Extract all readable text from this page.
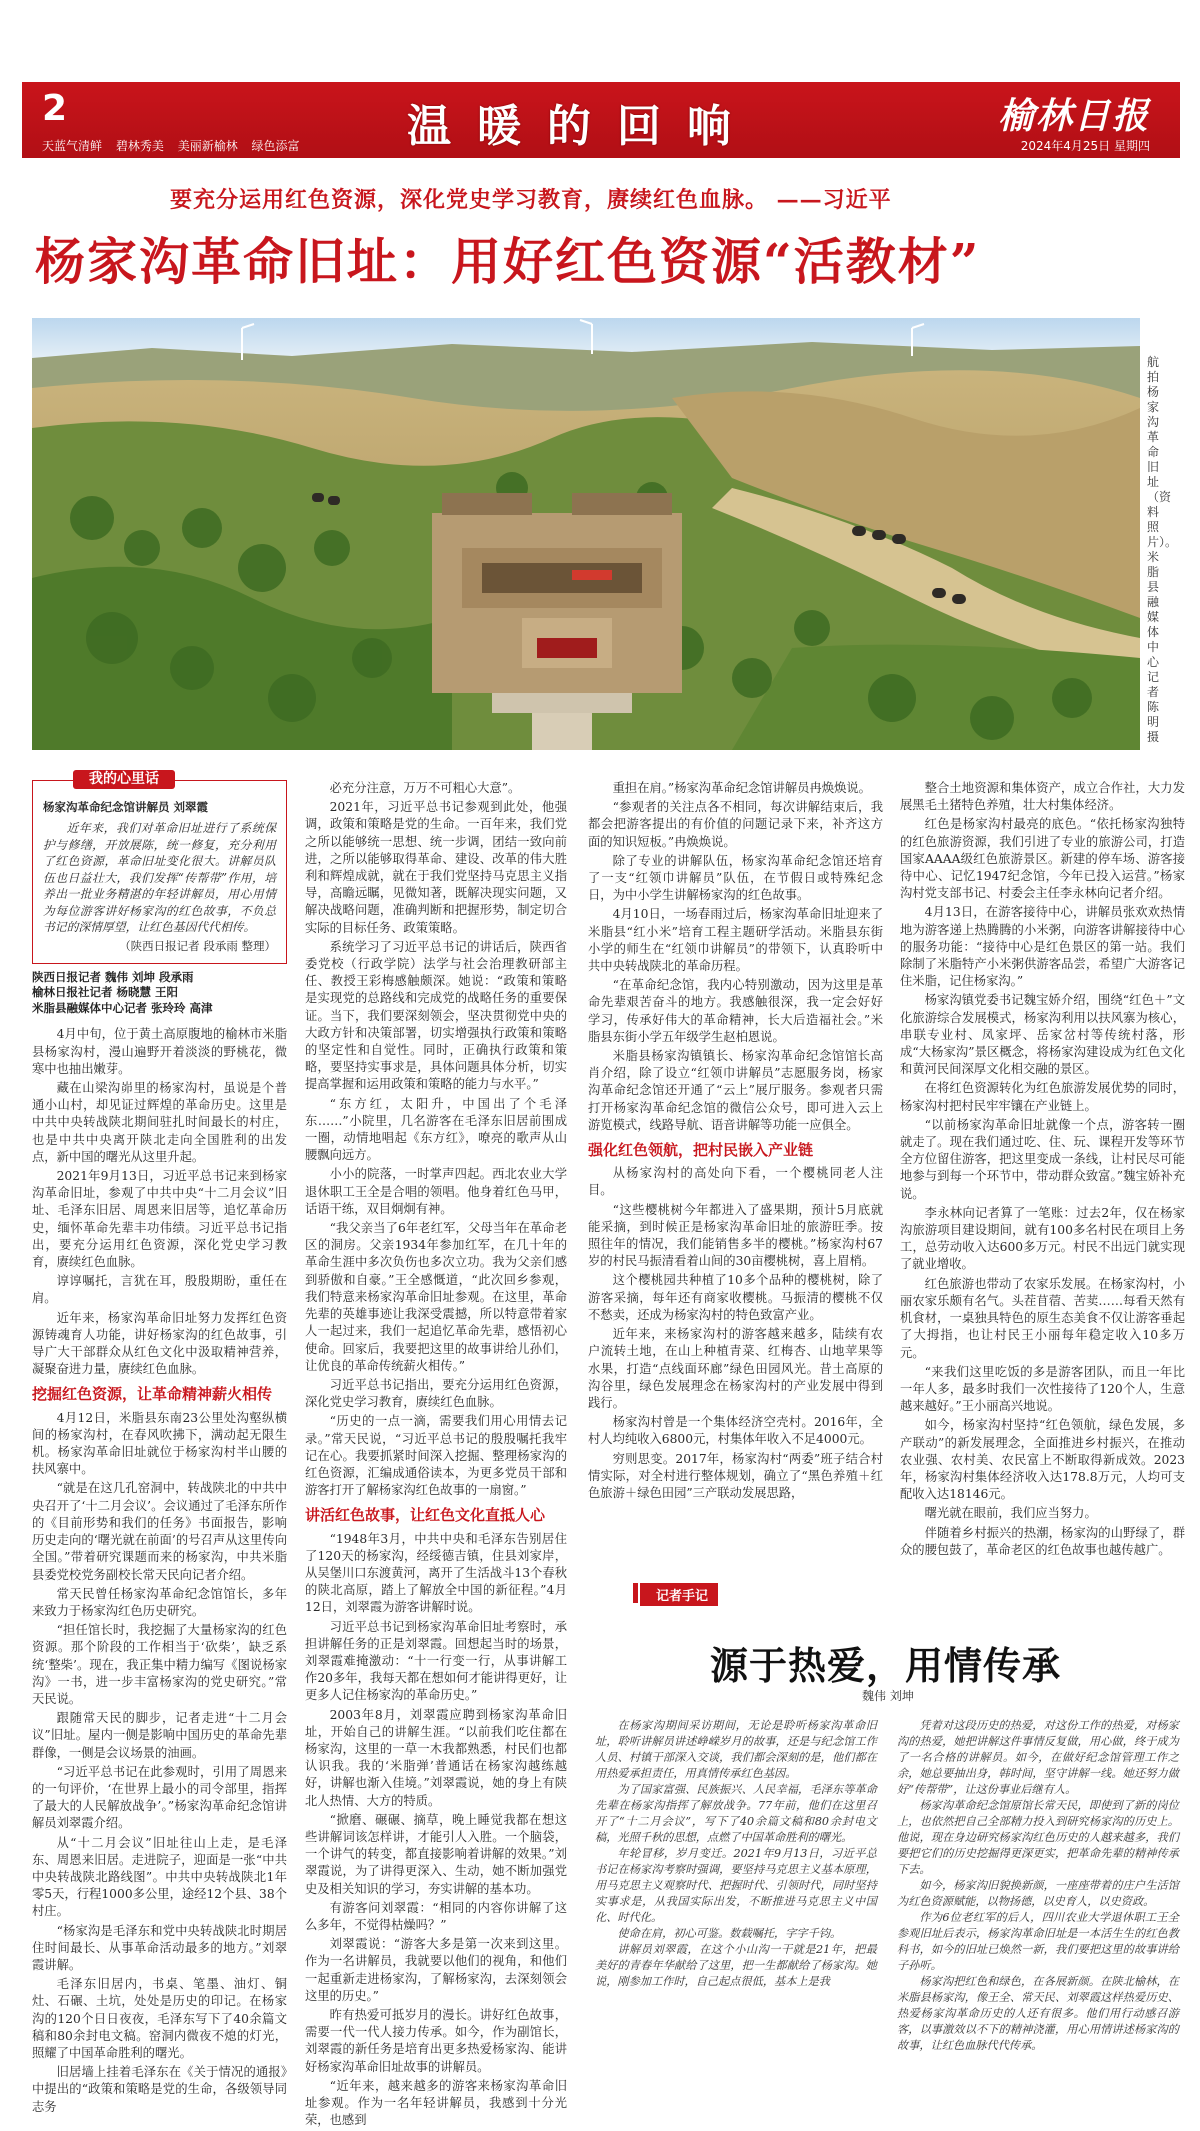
2	温暖的回响	榆林日报
天蓝气清鲜 碧林秀美 美丽新榆林 绿色添富	2024年4月25日 星期四
要充分运用红色资源，深化党史学习教育，赓续红色血脉。 ——习近平
杨家沟革命旧址：用好红色资源“活教材”
航拍杨家沟革命旧址（资料照片）。米脂县融媒体中心记者 陈明 摄
我的心里话
杨家沟革命纪念馆讲解员 刘翠霞
近年来，我们对革命旧址进行了系统保护与修缮，开放展陈，统一修复，充分利用了红色资源，革命旧址变化很大。讲解员队伍也日益壮大，我们发挥“传帮带”作用，培养出一批业务精湛的年轻讲解员，用心用情为每位游客讲好杨家沟的红色故事，不负总书记的深情厚望，让红色基因代代相传。
（陕西日报记者 段承雨 整理）
陕西日报记者 魏伟 刘坤 段承雨
榆林日报社记者 杨晓慧 王阳
米脂县融媒体中心记者 张玲玲 高津

4月中旬，位于黄土高原腹地的榆林市米脂县杨家沟村，漫山遍野开着淡淡的野桃花，微寒中也抽出嫩芽。

藏在山梁沟峁里的杨家沟村，虽说是个普通小山村，却见证过辉煌的革命历史。这里是中共中央转战陕北期间驻扎时间最长的村庄，也是中共中央离开陕北走向全国胜利的出发点，新中国的曙光从这里升起。

2021年9月13日，习近平总书记来到杨家沟革命旧址，参观了中共中央“十二月会议”旧址、毛泽东旧居、周恩来旧居等，追忆革命历史，缅怀革命先辈丰功伟绩。习近平总书记指出，要充分运用红色资源，深化党史学习教育，赓续红色血脉。

谆谆嘱托，言犹在耳，殷殷期盼，重任在肩。

近年来，杨家沟革命旧址努力发挥红色资源铸魂育人功能，讲好杨家沟的红色故事，引导广大干部群众从红色文化中汲取精神营养，凝聚奋进力量，赓续红色血脉。

挖掘红色资源，让革命精神薪火相传

4月12日，米脂县东南23公里处沟壑纵横间的杨家沟村，在春风吹拂下，满动起无限生机。杨家沟革命旧址就位于杨家沟村半山腰的扶风寨中。

“就是在这几孔窑洞中，转战陕北的中共中央召开了‘十二月会议’。会议通过了毛泽东所作的《目前形势和我们的任务》书面报告，影响历史走向的‘曙光就在前面’的号召声从这里传向全国。”带着研究课题而来的杨家沟，中共米脂县委党校党务副校长常天民向记者介绍。

常天民曾任杨家沟革命纪念馆馆长，多年来致力于杨家沟红色历史研究。

“担任馆长时，我挖掘了大量杨家沟的红色资源。那个阶段的工作相当于‘砍柴’，缺乏系统‘整柴’。现在，我正集中精力编写《图说杨家沟》一书，进一步丰富杨家沟的党史研究。”常天民说。

跟随常天民的脚步，记者走进“十二月会议”旧址。屋内一侧是影响中国历史的革命先辈群像，一侧是会议场景的油画。

“习近平总书记在此参观时，引用了周恩来的一句评价，‘在世界上最小的司令部里，指挥了最大的人民解放战争’。”杨家沟革命纪念馆讲解员刘翠霞介绍。

从“十二月会议”旧址往山上走，是毛泽东、周恩来旧居。走进院子，迎面是一张“中共中央转战陕北路线图”。中共中央转战陕北1年零5天，行程1000多公里，途经12个县、38个村庄。

“杨家沟是毛泽东和党中央转战陕北时期居住时间最长、从事革命活动最多的地方。”刘翠霞讲解。

毛泽东旧居内，书桌、笔墨、油灯、铜灶、石碾、土坑，处处是历史的印记。在杨家沟的120个日日夜夜，毛泽东写下了40余篇文稿和80余封电文稿。窑洞内微夜不熄的灯光，照耀了中国革命胜利的曙光。

旧居墙上挂着毛泽东在《关于情况的通报》中提出的“政策和策略是党的生命，各级领导同志务

必充分注意，万万不可粗心大意”。

2021年，习近平总书记参观到此处，他强调，政策和策略是党的生命。一百年来，我们党之所以能够统一思想、统一步调，团结一致向前进，之所以能够取得革命、建设、改革的伟大胜利和辉煌成就，就在于我们党坚持马克思主义指导，高瞻远瞩，见微知著，既解决现实问题，又解决战略问题，准确判断和把握形势，制定切合实际的目标任务、政策策略。

系统学习了习近平总书记的讲话后，陕西省委党校（行政学院）法学与社会治理教研部主任、教授王彩梅感触颇深。她说：“政策和策略是实现党的总路线和完成党的战略任务的重要保证。当下，我们要深刻领会，坚决贯彻党中央的大政方针和决策部署，切实增强执行政策和策略的坚定性和自觉性。同时，正确执行政策和策略，要坚持实事求是，具体问题具体分析，切实提高掌握和运用政策和策略的能力与水平。”

“东方红，太阳升，中国出了个毛泽东……”小院里，几名游客在毛泽东旧居前围成一圈，动情地唱起《东方红》，嘹亮的歌声从山腰飘向远方。

小小的院落，一时掌声四起。西北农业大学退休职工王全是合唱的领唱。他身着红色马甲，话语干练，双目炯炯有神。

“我父亲当了6年老红军，父母当年在革命老区的洞房。父亲1934年参加红军，在几十年的革命生涯中多次负伤也多次立功。我为父亲们感到骄傲和自豪。”王全感慨道，“此次回乡参观，我们特意来杨家沟革命旧址参观。在这里，革命先辈的英雄事迹让我深受震撼，所以特意带着家人一起过来，我们一起追忆革命先辈，感悟初心使命。回家后，我要把这里的故事讲给儿孙们，让优良的革命传统薪火相传。”

习近平总书记指出，要充分运用红色资源，深化党史学习教育，赓续红色血脉。

“历史的一点一滴，需要我们用心用情去记录。”常天民说，“习近平总书记的殷殷嘱托我牢记在心。我要抓紧时间深入挖掘、整理杨家沟的红色资源，汇编成通俗读本，为更多党员干部和游客打开了解杨家沟红色故事的一扇窗。”

讲活红色故事，让红色文化直抵人心

“1948年3月，中共中央和毛泽东告别居住了120天的杨家沟，经绥德吉镇，住县刘家岸，从吴堡川口东渡黄河，离开了生活战斗13个春秋的陕北高原，踏上了解放全中国的新征程。”4月12日，刘翠霞为游客讲解时说。

习近平总书记到杨家沟革命旧址考察时，承担讲解任务的正是刘翠霞。回想起当时的场景，刘翠霞难掩激动：“十一行变一行，从事讲解工作20多年，我每天都在想如何才能讲得更好，让更多人记住杨家沟的革命历史。”

2003年8月，刘翠霞应聘到杨家沟革命旧址，开始自己的讲解生涯。“以前我们吃住都在杨家沟，这里的一草一木我都熟悉，村民们也都认识我。我的‘米脂弹’普通话在杨家沟越练越好，讲解也渐入佳境。”刘翠霞说，她的身上有陕北人热情、大方的特质。

“掀磨、碾碾、摘草，晚上睡觉我都在想这些讲解词该怎样讲，才能引人入胜。一个脑袋，一个讲气的转变，都直接影响着讲解的效果。”刘翠霞说，为了讲得更深入、生动，她不断加强党史及相关知识的学习，夯实讲解的基本功。

有游客问刘翠霞：“相同的内容你讲解了这么多年，不觉得枯燥吗？”

刘翠霞说：“游客大多是第一次来到这里。作为一名讲解员，我就要以他们的视角，和他们一起重新走进杨家沟，了解杨家沟，去深刻领会这里的历史。”

昨有热爱可抵岁月的漫长。讲好红色故事，需要一代一代人接力传承。如今，作为副馆长，刘翠霞的新任务是培育出更多热爱杨家沟、能讲好杨家沟革命旧址故事的讲解员。

“近年来，越来越多的游客来杨家沟革命旧址参观。作为一名年轻讲解员，我感到十分光荣，也感到

重担在肩。”杨家沟革命纪念馆讲解员冉焕焕说。

“参观者的关注点各不相同，每次讲解结束后，我都会把游客提出的有价值的问题记录下来，补齐这方面的知识短板。”冉焕焕说。

除了专业的讲解队伍，杨家沟革命纪念馆还培育了一支“红领巾讲解员”队伍，在节假日或特殊纪念日，为中小学生讲解杨家沟的红色故事。

4月10日，一场春雨过后，杨家沟革命旧址迎来了米脂县“红小米”培育工程主题研学活动。米脂县东街小学的师生在“红领巾讲解员”的带领下，认真聆听中共中央转战陕北的革命历程。

“在革命纪念馆，我内心特别激动，因为这里是革命先辈艰苦奋斗的地方。我感触很深，我一定会好好学习，传承好伟大的革命精神，长大后造福社会。”米脂县东街小学五年级学生赵柏恩说。

米脂县杨家沟镇镇长、杨家沟革命纪念馆馆长高肖介绍，除了设立“红领巾讲解员”志愿服务岗，杨家沟革命纪念馆还开通了“云上”展厅服务。参观者只需打开杨家沟革命纪念馆的微信公众号，即可进入云上游览模式，线路导航、语音讲解等功能一应俱全。

强化红色领航，把村民嵌入产业链

从杨家沟村的高处向下看，一个樱桃同老人注目。

“这些樱桃树今年都进入了盛果期，预计5月底就能采摘，到时候正是杨家沟革命旧址的旅游旺季。按照往年的情况，我们能销售多半的樱桃。”杨家沟村67岁的村民马振清看着山间的30亩樱桃树，喜上眉梢。

这个樱桃园共种植了10多个品种的樱桃树，除了游客采摘，每年还有商家收樱桃。马振清的樱桃不仅不愁卖，还成为杨家沟村的特色致富产业。

近年来，来杨家沟村的游客越来越多，陆续有农户流转土地，在山上种植青菜、红梅杏、山地苹果等水果，打造“点线面环廊”绿色田园风光。昔土高原的沟谷里，绿色发展理念在杨家沟村的产业发展中得到践行。

杨家沟村曾是一个集体经济空壳村。2016年，全村人均纯收入6800元，村集体年收入不足4000元。

穷则思变。2017年，杨家沟村“两委”班子结合村情实际，对全村进行整体规划，确立了“黑色养殖＋红色旅游＋绿色田园”三产联动发展思路，

整合土地资源和集体资产，成立合作社，大力发展黑毛土猪特色养殖，壮大村集体经济。

红色是杨家沟村最亮的底色。“依托杨家沟独特的红色旅游资源，我们引进了专业的旅游公司，打造国家AAAA级红色旅游景区。新建的停车场、游客接待中心、记忆1947纪念馆，今年已投入运营。”杨家沟村党支部书记、村委会主任李永林向记者介绍。

4月13日，在游客接待中心，讲解员张欢欢热情地为游客递上热腾腾的小米粥，向游客讲解接待中心的服务功能：“接待中心是红色景区的第一站。我们除制了米脂特产小米粥供游客品尝，希望广大游客记住米脂，记住杨家沟。”

杨家沟镇党委书记魏宝娇介绍，围绕“红色＋”文化旅游综合发展模式，杨家沟利用以扶风寨为核心，串联专业村、凤家坪、岳家岔村等传统村落，形成“大杨家沟”景区概念，将杨家沟建设成为红色文化和黄河民间深厚文化相交融的景区。

在将红色资源转化为红色旅游发展优势的同时，杨家沟村把村民牢牢镶在产业链上。

“以前杨家沟革命旧址就像一个点，游客转一圈就走了。现在我们通过吃、住、玩、课程开发等环节全方位留住游客，把这里变成一条线，让村民尽可能地参与到每一个环节中，带动群众致富。”魏宝娇补充说。

李永林向记者算了一笔账：过去2年，仅在杨家沟旅游项目建设期间，就有100多名村民在项目上务工，总劳动收入达600多万元。村民不出远门就实现了就业增收。

红色旅游也带动了农家乐发展。在杨家沟村，小丽农家乐颇有名气。头茬苜蓿、苦荬……每看天然有机食材，一桌独具特色的原生态美食不仅让游客垂起了大拇指，也让村民王小丽每年稳定收入10多万元。

“来我们这里吃饭的多是游客团队，而且一年比一年人多，最多时我们一次性接待了120个人，生意越来越好。”王小丽高兴地说。

如今，杨家沟村坚持“红色领航，绿色发展，多产联动”的新发展理念，全面推进乡村振兴，在推动农业强、农村美、农民富上不断取得新成效。2023年，杨家沟村集体经济收入达178.8万元，人均可支配收入达18146元。

曙光就在眼前，我们应当努力。

伴随着乡村振兴的热潮，杨家沟的山野绿了，群众的腰包鼓了，革命老区的红色故事也越传越广。

记者手记
源于热爱，用情传承
魏伟 刘坤

在杨家沟期间采访期间，无论是聆听杨家沟革命旧址，聆听讲解员讲述峥嵘岁月的故事，还是与纪念馆工作人员、村镇干部深入交谈，我们都会深刻的是，他们都在用热爱承担责任，用真情传承红色基因。

为了国家富强、民族振兴、人民幸福，毛泽东等革命先辈在杨家沟指挥了解放战争。77年前，他们在这里召开了“十二月会议”，写下了40余篇文稿和80余封电文稿，光照千秋的思想，点燃了中国革命胜利的曙光。

年轮冒移，岁月变迁。2021年9月13日，习近平总书记在杨家沟考察时强调，要坚持马克思主义基本原理，用马克思主义观察时代、把握时代、引领时代，同时坚持实事求是，从我国实际出发，不断推进马克思主义中国化、时代化。

使命在肩，初心可鉴。数载嘱托，字字千钧。

讲解员刘翠霞，在这个小山沟一干就是21年，把最美好的青春年华献给了这里，把一生都献给了杨家沟。她说，刚参加工作时，自己起点很低，基本上是我

凭着对这段历史的热爱，对这份工作的热爱，对杨家沟的热爱，她把讲解这件事情反复做，用心做，终于成为了一名合格的讲解员。如今，在做好纪念馆管理工作之余，她总要抽出身，韩时间，坚守讲解一线。她还努力做好“传帮带”，让这份事业后继有人。

杨家沟革命纪念馆原馆长常天民，即使到了新的岗位上，也依然把自己全部精力投入到研究杨家沟的历史上。他说，现在身边研究杨家沟红色历史的人越来越多，我们要把它们的历史挖掘得更深更实，把革命先辈的精神传承下去。

如今，杨家沟旧貌换新颜，一座座带着的庄户生活馆为红色资源赋能，以物扬德，以史育人，以史资政。

作为6位老红军的后人，四川农业大学退休职工王全参观旧址后表示，杨家沟革命旧址是一本活生生的红色教科书，如今的旧址已焕然一新，我们要把这里的故事讲给子孙听。

杨家沟把红色和绿色，在各展新颜。在陕北榆林，在米脂县杨家沟，像王全、常天民、刘翠霞这样热爱历史、热爱杨家沟革命历史的人还有很多。他们用行动感召游客，以事激效以不下的精神浇灌，用心用情讲述杨家沟的故事，让红色血脉代代传承。
